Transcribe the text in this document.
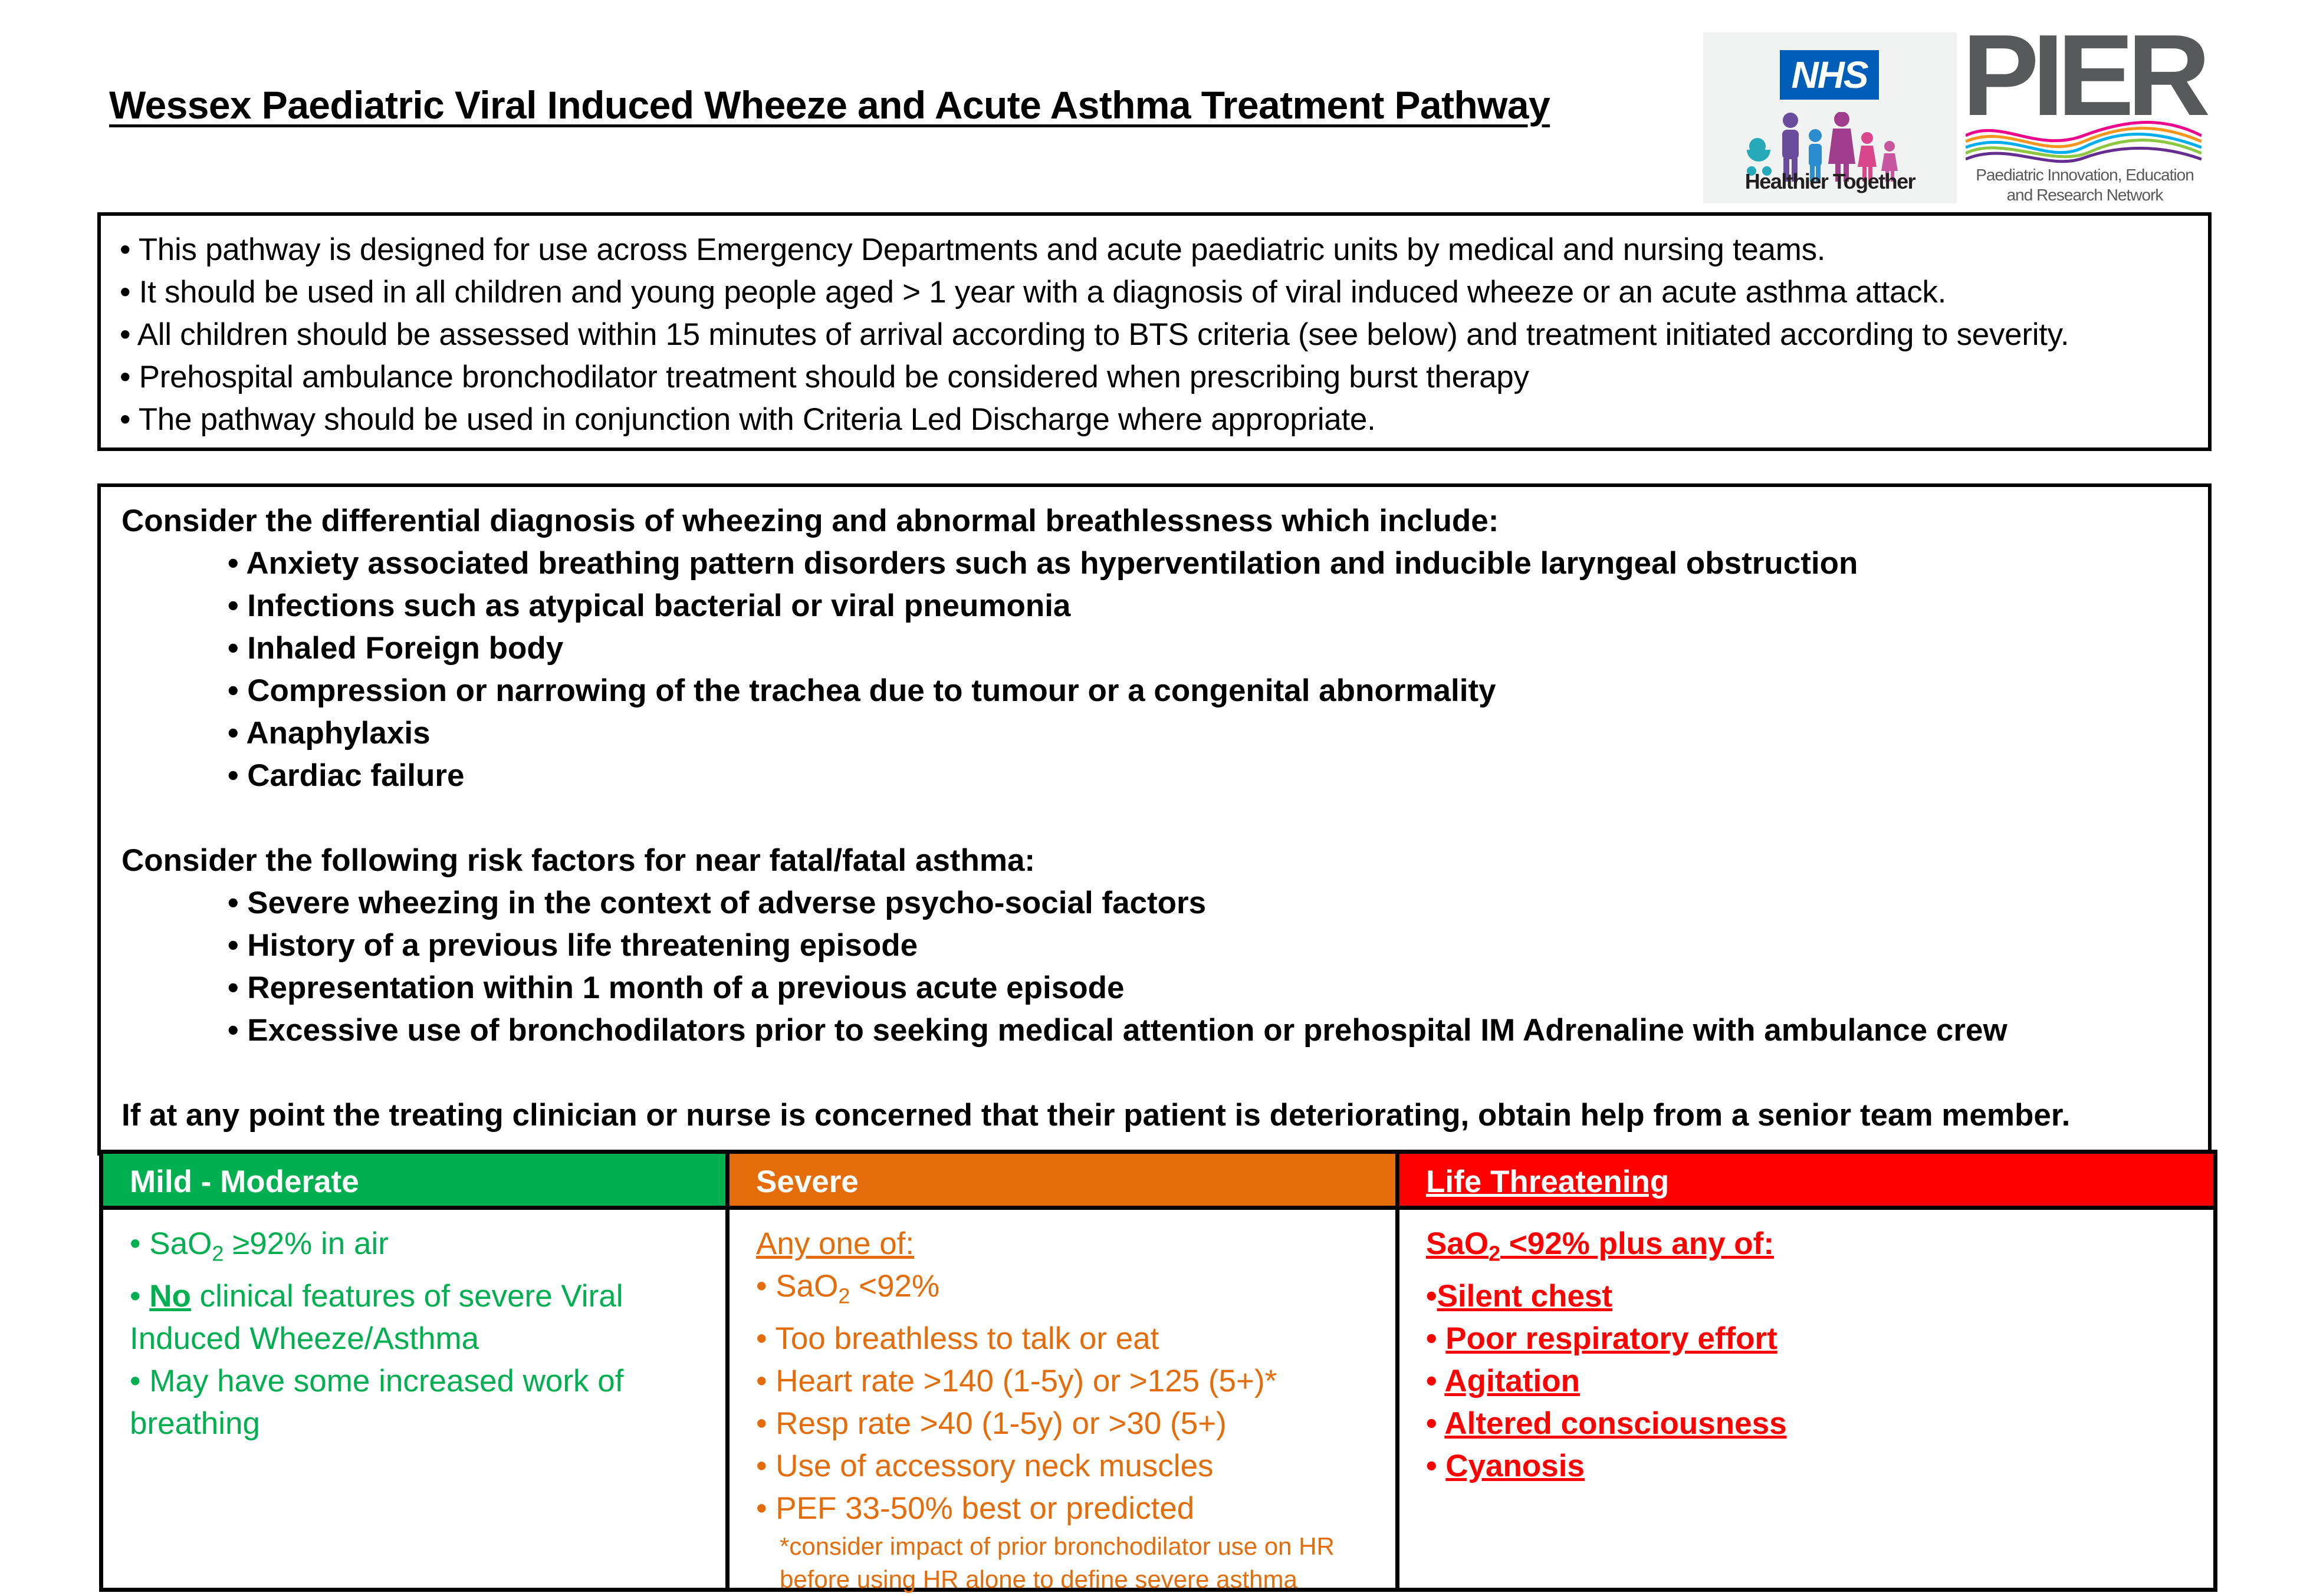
Wessex Paediatric Viral Induced Wheeze and Acute Asthma Treatment Pathway
NHS
Healthier Together
PIER
Paediatric Innovation, Education
and Research Network
• This pathway is designed for use across Emergency Departments and acute paediatric units by medical and nursing teams.
• It should be used in all children and young people aged > 1 year with a diagnosis of viral induced wheeze or an acute asthma attack.
• All children should be assessed within 15 minutes of arrival according to BTS criteria (see below) and treatment initiated according to severity.
• Prehospital ambulance bronchodilator treatment should be considered when prescribing burst therapy
• The pathway should be used in conjunction with Criteria Led Discharge where appropriate.
Consider the differential diagnosis of wheezing and abnormal breathlessness which include:
• Anxiety associated breathing pattern disorders such as hyperventilation and inducible laryngeal obstruction
• Infections such as atypical bacterial or viral pneumonia
• Inhaled Foreign body
• Compression or narrowing of the trachea due to tumour or a congenital abnormality
• Anaphylaxis
• Cardiac failure
Consider the following risk factors for near fatal/fatal asthma:
• Severe wheezing in the context of adverse psycho-social factors
• History of a previous life threatening episode
• Representation within 1 month of a previous acute episode
• Excessive use of bronchodilators prior to seeking medical attention or prehospital IM Adrenaline with ambulance crew
If at any point the treating clinician or nurse is concerned that their patient is deteriorating, obtain help from a senior team member.
Mild - Moderate	Severe	Life Threatening
• SaO$_2$ ≥92% in air
• No clinical features of severe Viral Induced Wheeze/Asthma
• May have some increased work of breathing
Any one of:
• SaO$_2$ <92%
• Too breathless to talk or eat
• Heart rate >140 (1-5y) or >125 (5+)*
• Resp rate >40 (1-5y) or >30 (5+)
• Use of accessory neck muscles
• PEF 33-50% best or predicted
*consider impact of prior bronchodilator use on HR
before using HR alone to define severe asthma
SaO$_2$ <92% plus any of:
•Silent chest
• Poor respiratory effort
• Agitation
• Altered consciousness
• Cyanosis
